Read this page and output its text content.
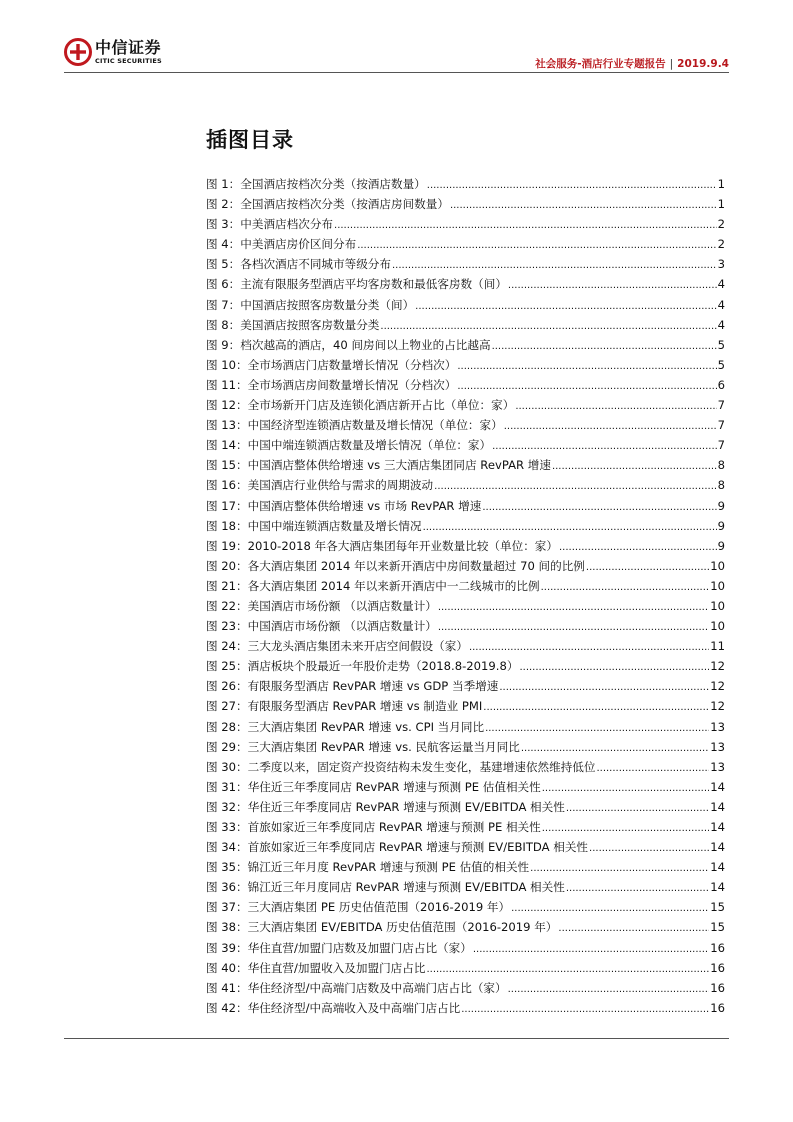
中信证券
CITIC SECURITIES	社会服务-酒店行业专题报告 | 2019.9.4
插图目录
图 1： 全国酒店按档次分类（按酒店数量） .....	1
图 2： 全国酒店按档次分类（按酒店房间数量） .....	1
图 3： 中美酒店档次分布 .....	2
图 4： 中美酒店房价区间分布 .....	2
图 5： 各档次酒店不同城市等级分布 .....	3
图 6： 主流有限服务型酒店平均客房数和最低客房数（间） .....	4
图 7： 中国酒店按照客房数量分类（间） .....	4
图 8： 美国酒店按照客房数量分类 .....	4
图 9： 档次越高的酒店，40 间房间以上物业的占比越高 .....	5
图 10： 全市场酒店门店数量增长情况（分档次） .....	5
图 11： 全市场酒店房间数量增长情况（分档次） .....	6
图 12： 全市场新开门店及连锁化酒店新开占比（单位：家） .....	7
图 13： 中国经济型连锁酒店数量及增长情况（单位：家） .....	7
图 14： 中国中端连锁酒店数量及增长情况（单位：家） .....	7
图 15： 中国酒店整体供给增速 vs 三大酒店集团同店 RevPAR 增速 .....	8
图 16： 美国酒店行业供给与需求的周期波动 .....	8
图 17： 中国酒店整体供给增速 vs 市场 RevPAR 增速 .....	9
图 18： 中国中端连锁酒店数量及增长情况 .....	9
图 19： 2010-2018 年各大酒店集团每年开业数量比较（单位：家） .....	9
图 20： 各大酒店集团 2014 年以来新开酒店中房间数量超过 70 间的比例 .....	10
图 21： 各大酒店集团 2014 年以来新开酒店中一二线城市的比例 .....	10
图 22： 美国酒店市场份额 （以酒店数量计） .....	10
图 23： 中国酒店市场份额 （以酒店数量计） .....	10
图 24： 三大龙头酒店集团未来开店空间假设（家） .....	11
图 25： 酒店板块个股最近一年股价走势（2018.8-2019.8） .....	12
图 26： 有限服务型酒店 RevPAR 增速 vs GDP 当季增速 .....	12
图 27： 有限服务型酒店 RevPAR 增速 vs 制造业 PMI .....	12
图 28： 三大酒店集团 RevPAR 增速 vs. CPI 当月同比 .....	13
图 29： 三大酒店集团 RevPAR 增速 vs. 民航客运量当月同比 .....	13
图 30： 二季度以来，固定资产投资结构未发生变化，基建增速依然维持低位 .....	13
图 31： 华住近三年季度同店 RevPAR 增速与预测 PE 估值相关性 .....	14
图 32： 华住近三年季度同店 RevPAR 增速与预测 EV/EBITDA 相关性 .....	14
图 33： 首旅如家近三年季度同店 RevPAR 增速与预测 PE 相关性 .....	14
图 34： 首旅如家近三年季度同店 RevPAR 增速与预测 EV/EBITDA 相关性 .....	14
图 35： 锦江近三年月度 RevPAR 增速与预测 PE 估值的相关性 .....	14
图 36： 锦江近三年月度同店 RevPAR 增速与预测 EV/EBITDA 相关性 .....	14
图 37： 三大酒店集团 PE 历史估值范围（2016-2019 年） .....	15
图 38： 三大酒店集团 EV/EBITDA 历史估值范围（2016-2019 年） .....	15
图 39： 华住直营/加盟门店数及加盟门店占比（家） .....	16
图 40： 华住直营/加盟收入及加盟门店占比 .....	16
图 41： 华住经济型/中高端门店数及中高端门店占比（家） .....	16
图 42： 华住经济型/中高端收入及中高端门店占比 .....	16
